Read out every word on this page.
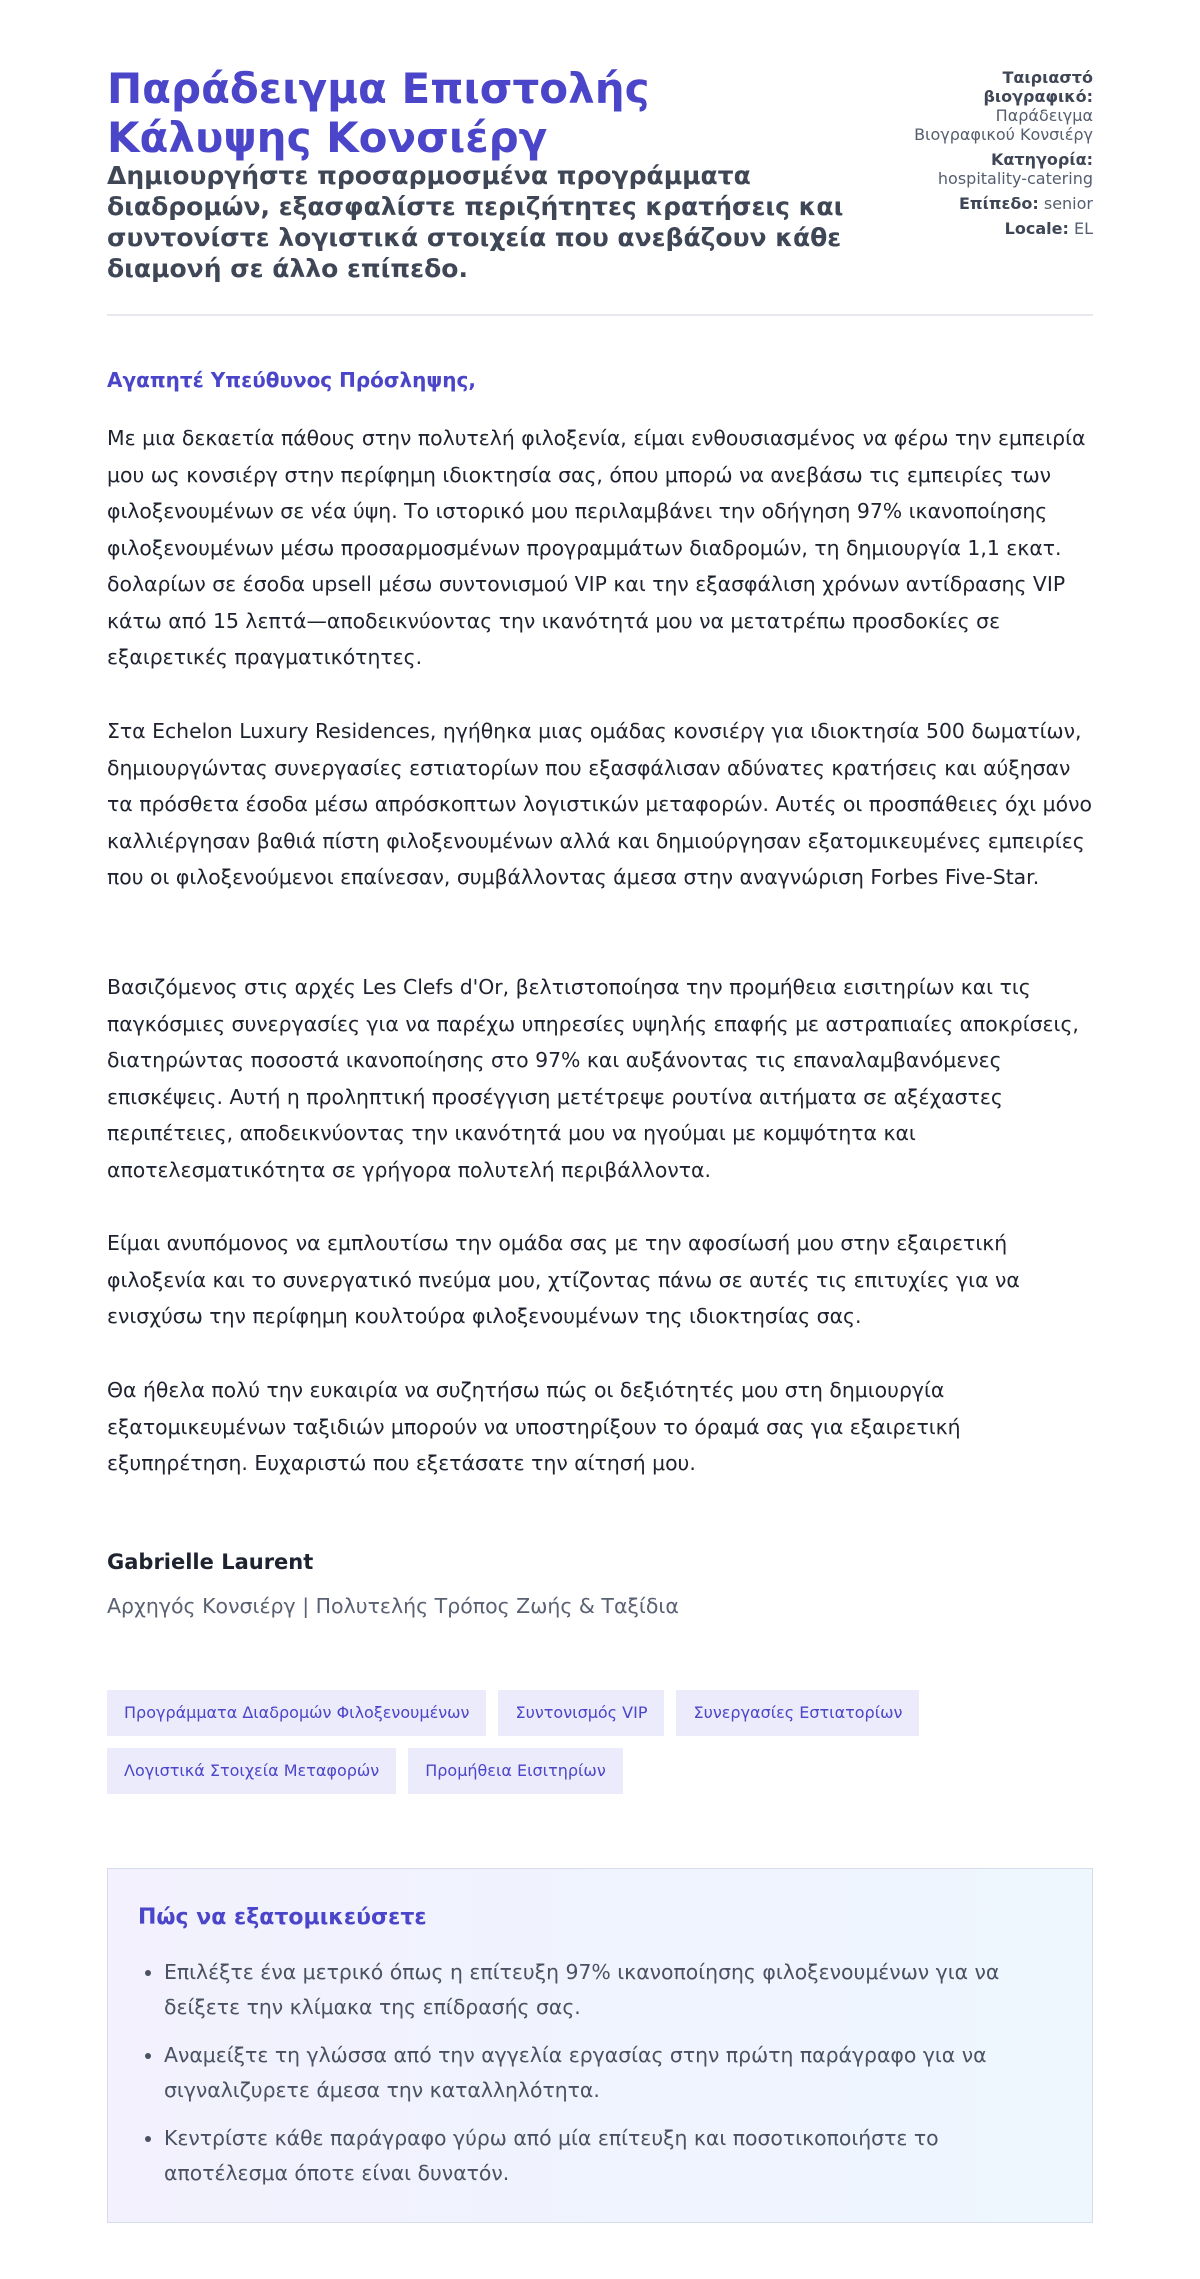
Παράδειγμα Επιστολής Κάλυψης Κονσιέργ

Δημιουργήστε προσαρμοσμένα προγράμματα διαδρομών, εξασφαλίστε περιζήτητες κρατήσεις και συντονίστε λογιστικά στοιχεία που ανεβάζουν κάθε διαμονή σε άλλο επίπεδο.

Ταιριαστό βιογραφικό:
Παράδειγμα Βιογραφικού Κονσιέργ
Κατηγορία:
hospitality-catering
Επίπεδο: senior
Locale: EL

Αγαπητέ Υπεύθυνος Πρόσληψης,

Με μια δεκαετία πάθους στην πολυτελή φιλοξενία, είμαι ενθουσιασμένος να φέρω την εμπειρία μου ως κονσιέργ στην περίφημη ιδιοκτησία σας, όπου μπορώ να ανεβάσω τις εμπειρίες των φιλοξενουμένων σε νέα ύψη. Το ιστορικό μου περιλαμβάνει την οδήγηση 97% ικανοποίησης φιλοξενουμένων μέσω προσαρμοσμένων προγραμμάτων διαδρομών, τη δημιουργία 1,1 εκατ. δολαρίων σε έσοδα upsell μέσω συντονισμού VIP και την εξασφάλιση χρόνων αντίδρασης VIP κάτω από 15 λεπτά—αποδεικνύοντας την ικανότητά μου να μετατρέπω προσδοκίες σε εξαιρετικές πραγματικότητες.

Στα Echelon Luxury Residences, ηγήθηκα μιας ομάδας κονσιέργ για ιδιοκτησία 500 δωματίων, δημιουργώντας συνεργασίες εστιατορίων που εξασφάλισαν αδύνατες κρατήσεις και αύξησαν τα πρόσθετα έσοδα μέσω απρόσκοπτων λογιστικών μεταφορών. Αυτές οι προσπάθειες όχι μόνο καλλιέργησαν βαθιά πίστη φιλοξενουμένων αλλά και δημιούργησαν εξατομικευμένες εμπειρίες που οι φιλοξενούμενοι επαίνεσαν, συμβάλλοντας άμεσα στην αναγνώριση Forbes Five-Star.

Βασιζόμενος στις αρχές Les Clefs d'Or, βελτιστοποίησα την προμήθεια εισιτηρίων και τις παγκόσμιες συνεργασίες για να παρέχω υπηρεσίες υψηλής επαφής με αστραπιαίες αποκρίσεις, διατηρώντας ποσοστά ικανοποίησης στο 97% και αυξάνοντας τις επαναλαμβανόμενες επισκέψεις. Αυτή η προληπτική προσέγγιση μετέτρεψε ρουτίνα αιτήματα σε αξέχαστες περιπέτειες, αποδεικνύοντας την ικανότητά μου να ηγούμαι με κομψότητα και αποτελεσματικότητα σε γρήγορα πολυτελή περιβάλλοντα.

Είμαι ανυπόμονος να εμπλουτίσω την ομάδα σας με την αφοσίωσή μου στην εξαιρετική φιλοξενία και το συνεργατικό πνεύμα μου, χτίζοντας πάνω σε αυτές τις επιτυχίες για να ενισχύσω την περίφημη κουλτούρα φιλοξενουμένων της ιδιοκτησίας σας.

Θα ήθελα πολύ την ευκαιρία να συζητήσω πώς οι δεξιότητές μου στη δημιουργία εξατομικευμένων ταξιδιών μπορούν να υποστηρίξουν το όραμά σας για εξαιρετική εξυπηρέτηση. Ευχαριστώ που εξετάσατε την αίτησή μου.

Gabrielle Laurent

Αρχηγός Κονσιέργ | Πολυτελής Τρόπος Ζωής & Ταξίδια

Προγράμματα Διαδρομών Φιλοξενουμένων	Συντονισμός VIP	Συνεργασίες Εστιατορίων
Λογιστικά Στοιχεία Μεταφορών	Προμήθεια Εισιτηρίων
Πώς να εξατομικεύσετε
• Επιλέξτε ένα μετρικό όπως η επίτευξη 97% ικανοποίησης φιλοξενουμένων για να δείξετε την κλίμακα της επίδρασής σας.
• Αναμείξτε τη γλώσσα από την αγγελία εργασίας στην πρώτη παράγραφο για να σιγναλιζυρετε άμεσα την καταλληλότητα.
• Κεντρίστε κάθε παράγραφο γύρω από μία επίτευξη και ποσοτικοποιήστε το αποτέλεσμα όποτε είναι δυνατόν.
